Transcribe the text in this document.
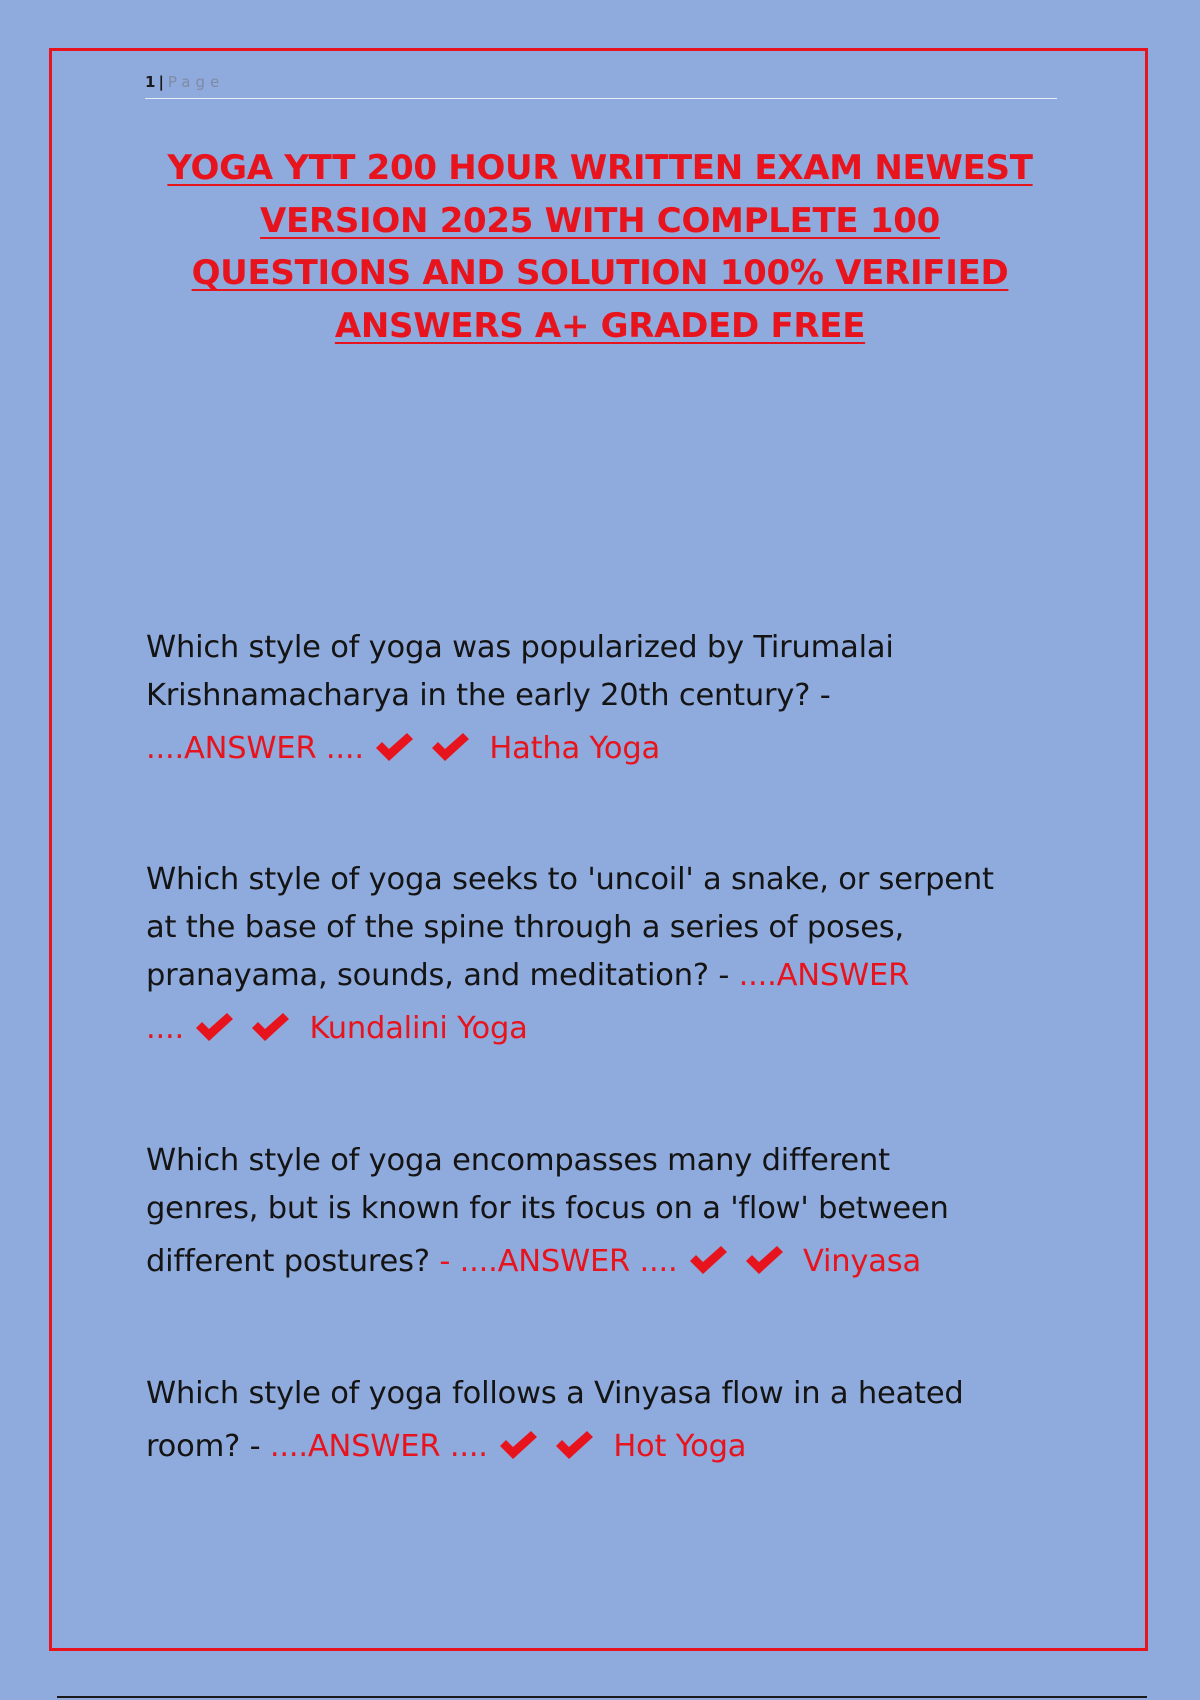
1 | Page
YOGA YTT 200 HOUR WRITTEN EXAM NEWEST
VERSION 2025 WITH COMPLETE 100
QUESTIONS AND SOLUTION 100% VERIFIED
ANSWERS A+ GRADED FREE
Which style of yoga was popularized by Tirumalai
Krishnamacharya in the early 20th century? -
....ANSWER ....	Hatha Yoga
Which style of yoga seeks to 'uncoil' a snake, or serpent
at the base of the spine through a series of poses,
pranayama, sounds, and meditation? - ....ANSWER
....	Kundalini Yoga
Which style of yoga encompasses many different
genres, but is known for its focus on a 'flow' between
different postures? - ....ANSWER ....	Vinyasa
Which style of yoga follows a Vinyasa flow in a heated
room? - ....ANSWER ....	Hot Yoga
